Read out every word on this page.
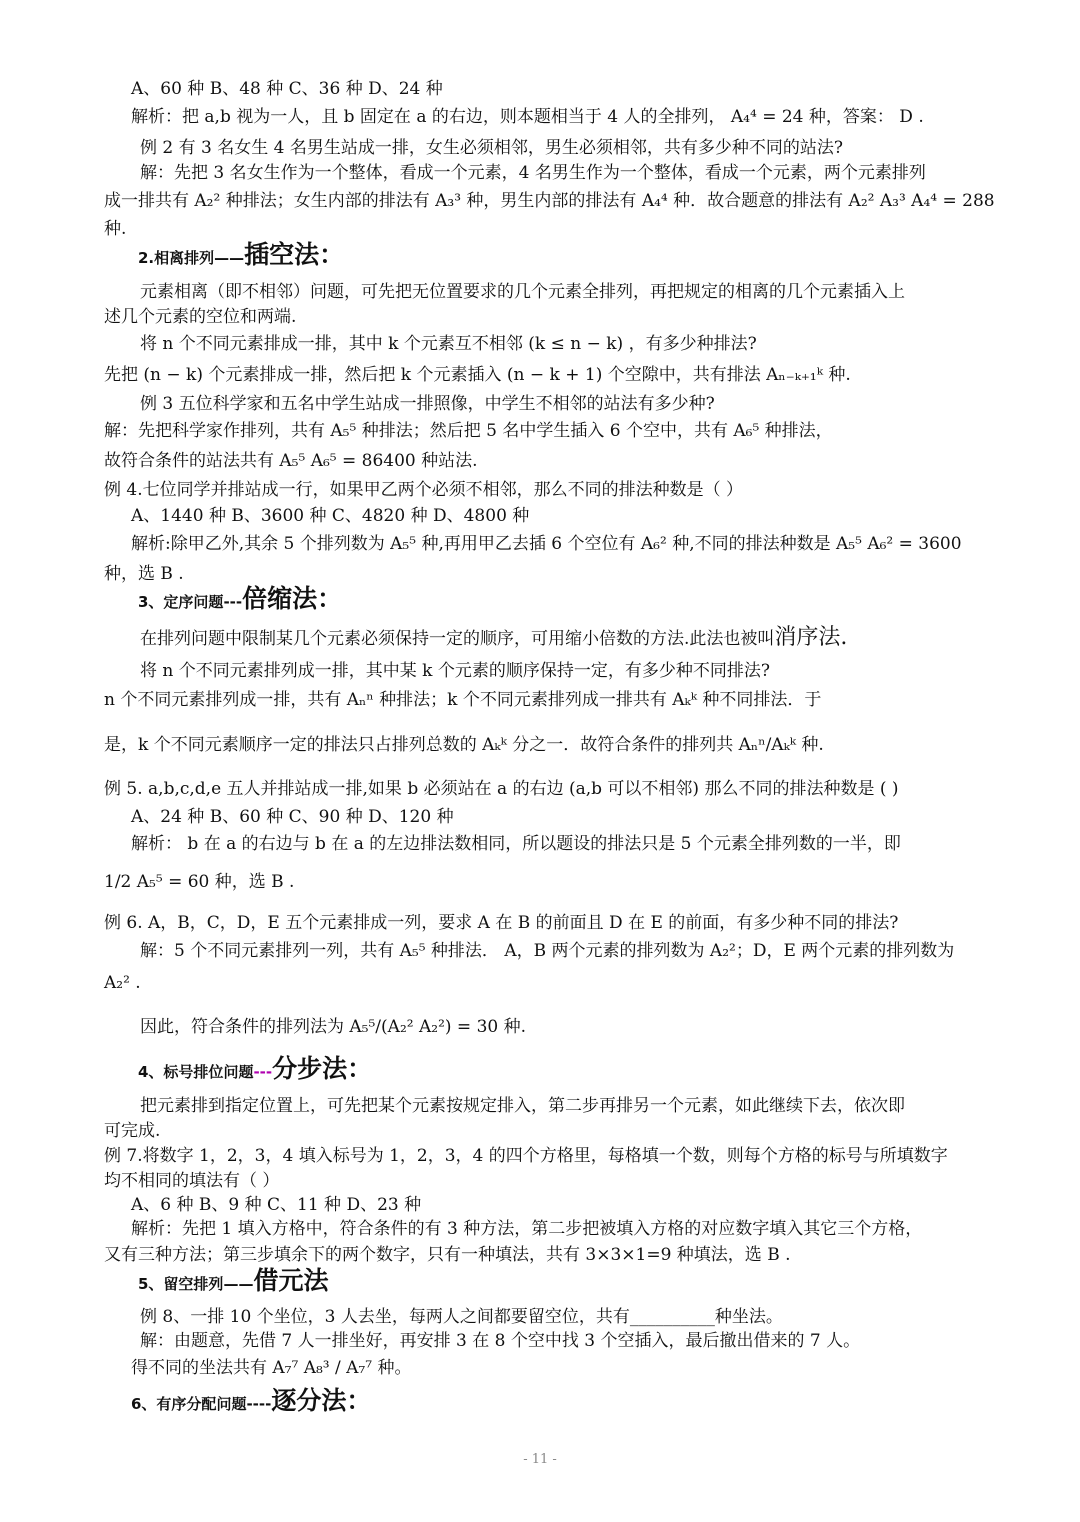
A、60 种 B、48 种 C、36 种 D、24 种
解析：把 a,b 视为一人，且 b 固定在 a 的右边，则本题相当于 4 人的全排列， A₄⁴ = 24 种，答案： D .
例 2 有 3 名女生 4 名男生站成一排，女生必须相邻，男生必须相邻，共有多少种不同的站法?
解：先把 3 名女生作为一个整体，看成一个元素，4 名男生作为一个整体，看成一个元素，两个元素排列
成一排共有 A₂² 种排法；女生内部的排法有 A₃³ 种，男生内部的排法有 A₄⁴ 种．故合题意的排法有 A₂² A₃³ A₄⁴ = 288
种.
2.相离排列——插空法：
元素相离（即不相邻）问题，可先把无位置要求的几个元素全排列，再把规定的相离的几个元素插入上
述几个元素的空位和两端.
将 n 个不同元素排成一排，其中 k 个元素互不相邻 (k ≤ n − k) ，有多少种排法?
先把 (n − k) 个元素排成一排，然后把 k 个元素插入 (n − k + 1) 个空隙中，共有排法 Aₙ₋ₖ₊₁ᵏ 种.
例 3 五位科学家和五名中学生站成一排照像，中学生不相邻的站法有多少种?
解：先把科学家作排列，共有 A₅⁵ 种排法；然后把 5 名中学生插入 6 个空中，共有 A₆⁵ 种排法，
故符合条件的站法共有 A₅⁵ A₆⁵ = 86400 种站法.
例 4.七位同学并排站成一行，如果甲乙两个必须不相邻，那么不同的排法种数是（ ）
A、1440 种 B、3600 种 C、4820 种 D、4800 种
解析:除甲乙外,其余 5 个排列数为 A₅⁵ 种,再用甲乙去插 6 个空位有 A₆² 种,不同的排法种数是 A₅⁵ A₆² = 3600
种，选 B .
3、定序问题---倍缩法：
在排列问题中限制某几个元素必须保持一定的顺序，可用缩小倍数的方法.此法也被叫消序法.
将 n 个不同元素排列成一排，其中某 k 个元素的顺序保持一定，有多少种不同排法?
n 个不同元素排列成一排，共有 Aₙⁿ 种排法；k 个不同元素排列成一排共有 Aₖᵏ 种不同排法．于
是，k 个不同元素顺序一定的排法只占排列总数的 Aₖᵏ 分之一．故符合条件的排列共 Aₙⁿ/Aₖᵏ 种.
例 5. a,b,c,d,e 五人并排站成一排,如果 b 必须站在 a 的右边 (a,b 可以不相邻) 那么不同的排法种数是 ( )
A、24 种 B、60 种 C、90 种 D、120 种
解析： b 在 a 的右边与 b 在 a 的左边排法数相同，所以题设的排法只是 5 个元素全排列数的一半，即
1/2 A₅⁵ = 60 种，选 B .
例 6. A，B，C，D，E 五个元素排成一列，要求 A 在 B 的前面且 D 在 E 的前面，有多少种不同的排法?
解：5 个不同元素排列一列，共有 A₅⁵ 种排法． A，B 两个元素的排列数为 A₂²；D，E 两个元素的排列数为
A₂² .
因此，符合条件的排列法为 A₅⁵/(A₂² A₂²) = 30 种.
4、标号排位问题---分步法：
把元素排到指定位置上，可先把某个元素按规定排入，第二步再排另一个元素，如此继续下去，依次即
可完成.
例 7.将数字 1，2，3，4 填入标号为 1，2，3，4 的四个方格里，每格填一个数，则每个方格的标号与所填数字
均不相同的填法有（ ）
A、6 种 B、9 种 C、11 种 D、23 种
解析：先把 1 填入方格中，符合条件的有 3 种方法，第二步把被填入方格的对应数字填入其它三个方格，
又有三种方法；第三步填余下的两个数字，只有一种填法，共有 3×3×1=9 种填法，选 B .
5、留空排列——借元法
例 8、一排 10 个坐位，3 人去坐，每两人之间都要留空位，共有__________种坐法。
解：由题意，先借 7 人一排坐好，再安排 3 在 8 个空中找 3 个空插入，最后撤出借来的 7 人。
得不同的坐法共有 A₇⁷ A₈³ / A₇⁷ 种。
6、有序分配问题----逐分法：
- 11 -
